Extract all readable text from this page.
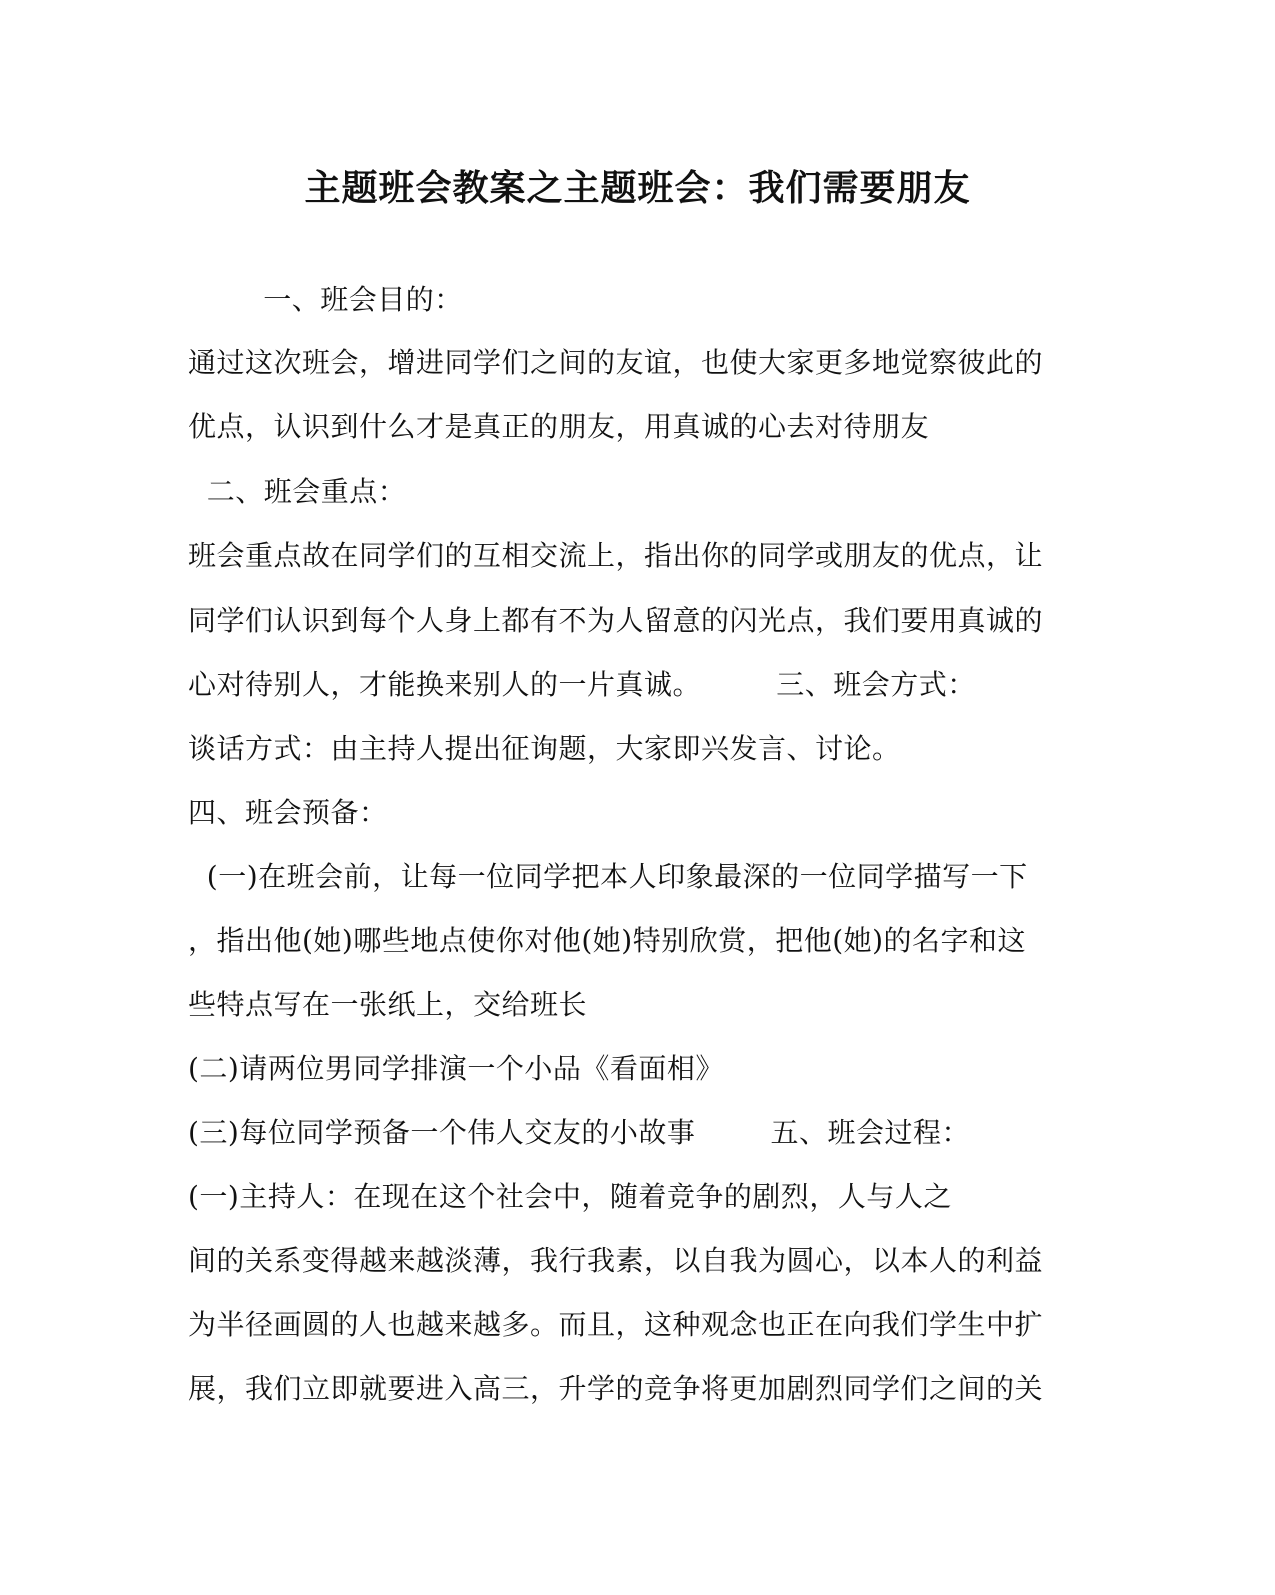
主题班会教案之主题班会：我们需要朋友
一、班会目的：
通过这次班会，增进同学们之间的友谊，也使大家更多地觉察彼此的
优点，认识到什么才是真正的朋友，用真诚的心去对待朋友
二、班会重点：
班会重点故在同学们的互相交流上，指出你的同学或朋友的优点，让
同学们认识到每个人身上都有不为人留意的闪光点，我们要用真诚的
心对待别人，才能换来别人的一片真诚。        三、班会方式：
谈话方式：由主持人提出征询题，大家即兴发言、讨论。
四、班会预备：
(一)在班会前，让每一位同学把本人印象最深的一位同学描写一下
，指出他(她)哪些地点使你对他(她)特别欣赏，把他(她)的名字和这
些特点写在一张纸上，交给班长
(二)请两位男同学排演一个小品《看面相》
(三)每位同学预备一个伟人交友的小故事        五、班会过程：
(一)主持人：在现在这个社会中，随着竞争的剧烈，人与人之
间的关系变得越来越淡薄，我行我素，以自我为圆心，以本人的利益
为半径画圆的人也越来越多。而且，这种观念也正在向我们学生中扩
展，我们立即就要进入高三，升学的竞争将更加剧烈同学们之间的关
